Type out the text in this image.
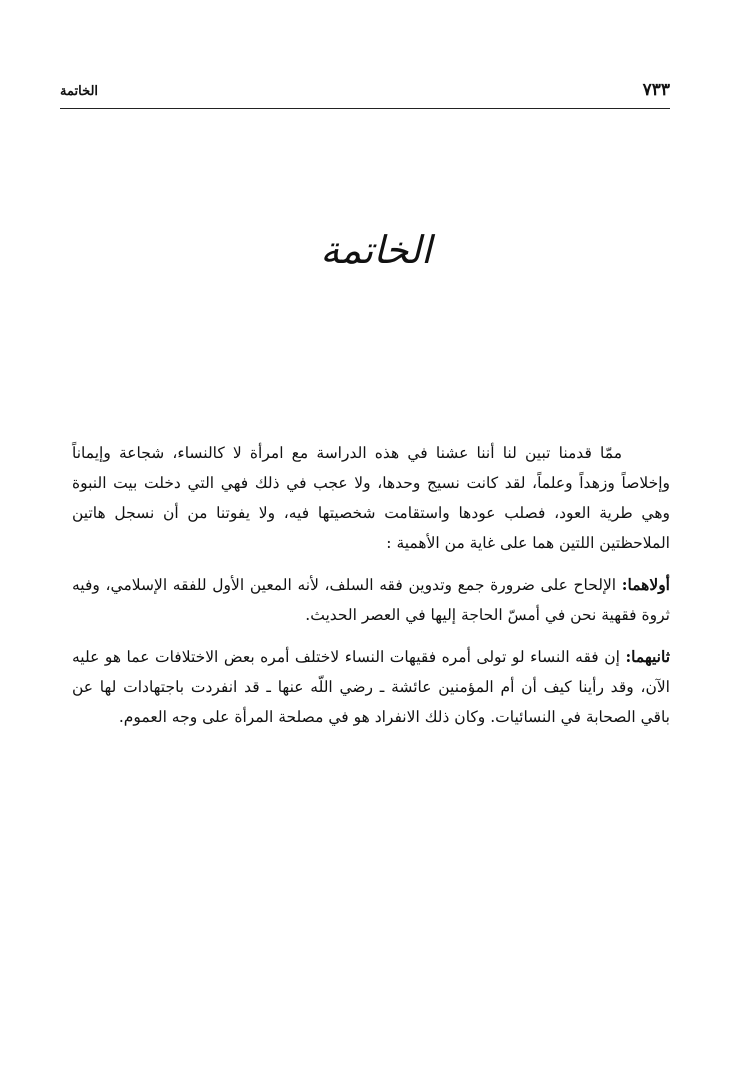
٧٣٣
الخاتمة
الخاتمة

ممّا قدمنا تبين لنا أننا عشنا في هذه الدراسة مع امرأة لا كالنساء، شجاعة وإيماناً وإخلاصاً وزهداً وعلماً، لقد كانت نسيج وحدها، ولا عجب في ذلك فهي التي دخلت بيت النبوة وهي طرية العود، فصلب عودها واستقامت شخصيتها فيه، ولا يفوتنا من أن نسجل هاتين الملاحظتين اللتين هما على غاية من الأهمية :

أولاهما: الإلحاح على ضرورة جمع وتدوين فقه السلف، لأنه المعين الأول للفقه الإسلامي، وفيه ثروة فقهية نحن في أمسّ الحاجة إليها في العصر الحديث.

ثانيهما: إن فقه النساء لو تولى أمره فقيهات النساء لاختلف أمره بعض الاختلافات عما هو عليه الآن، وقد رأينا كيف أن أم المؤمنين عائشة ـ رضي اللّه عنها ـ قد انفردت باجتهادات لها عن باقي الصحابة في النسائيات. وكان ذلك الانفراد هو في مصلحة المرأة على وجه العموم.
